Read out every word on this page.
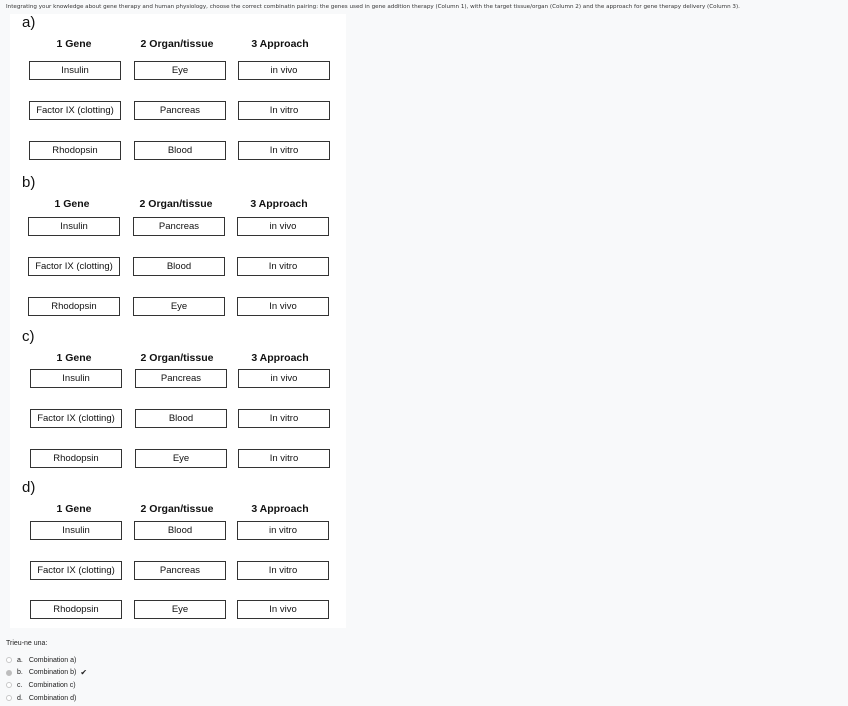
Integrating your knowledge about gene therapy and human physiology, choose the correct combinatin pairing: the genes used in gene addition therapy (Column 1), with the target tissue/organ (Column 2) and the approach for gene therapy delivery (Column 3).
a)
1 Gene	2 Organ/tissue	3 Approach
Insulin	Eye	in vivo
Factor IX (clotting)	Pancreas	In vitro
Rhodopsin	Blood	In vitro
b)
1 Gene	2 Organ/tissue	3 Approach
Insulin	Pancreas	in vivo
Factor IX (clotting)	Blood	In vitro
Rhodopsin	Eye	In vivo
c)
1 Gene	2 Organ/tissue	3 Approach
Insulin	Pancreas	in vivo
Factor IX (clotting)	Blood	In vitro
Rhodopsin	Eye	In vitro
d)
1 Gene	2 Organ/tissue	3 Approach
Insulin	Blood	in vitro
Factor IX (clotting)	Pancreas	In vitro
Rhodopsin	Eye	In vivo
Trieu-ne una:
a. Combination a)
b. Combination b) ✔
c. Combination c)
d. Combination d)
